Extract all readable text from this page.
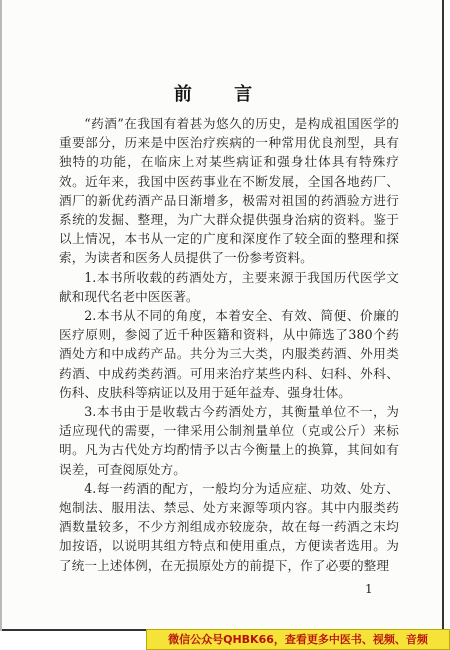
前 言

“药酒”在我国有着甚为悠久的历史，是构成祖国医学的重要部分，历来是中医治疗疾病的一种常用优良剂型，具有独特的功能，在临床上对某些病证和强身壮体具有特殊疗效。近年来，我国中医药事业在不断发展，全国各地药厂、酒厂的新优药酒产品日渐增多，极需对祖国的药酒验方进行系统的发掘、整理，为广大群众提供强身治病的资料。鉴于以上情况，本书从一定的广度和深度作了较全面的整理和探索，为读者和医务人员提供了一份参考资料。

1.本书所收载的药酒处方，主要来源于我国历代医学文献和现代名老中医医著。

2.本书从不同的角度，本着安全、有效、简便、价廉的医疗原则，参阅了近千种医籍和资料，从中筛选了380个药酒处方和中成药产品。共分为三大类，内服类药酒、外用类药酒、中成药类药酒。可用来治疗某些内科、妇科、外科、伤科、皮肤科等病证以及用于延年益寿、强身壮体。

3.本书由于是收载古今药酒处方，其衡量单位不一，为适应现代的需要，一律采用公制剂量单位（克或公斤）来标明。凡为古代处方均酌情予以古今衡量上的换算，其间如有误差，可查阅原处方。

4.每一药酒的配方，一般均分为适应症、功效、处方、炮制法、服用法、禁忌、处方来源等项内容。其中内服类药酒数量较多，不少方剂组成亦较庞杂，故在每一药酒之末均加按语，以说明其组方特点和使用重点，方便读者选用。为了统一上述体例，在无损原处方的前提下，作了必要的整理

1
微信公众号QHBK66，查看更多中医书、视频、音频
